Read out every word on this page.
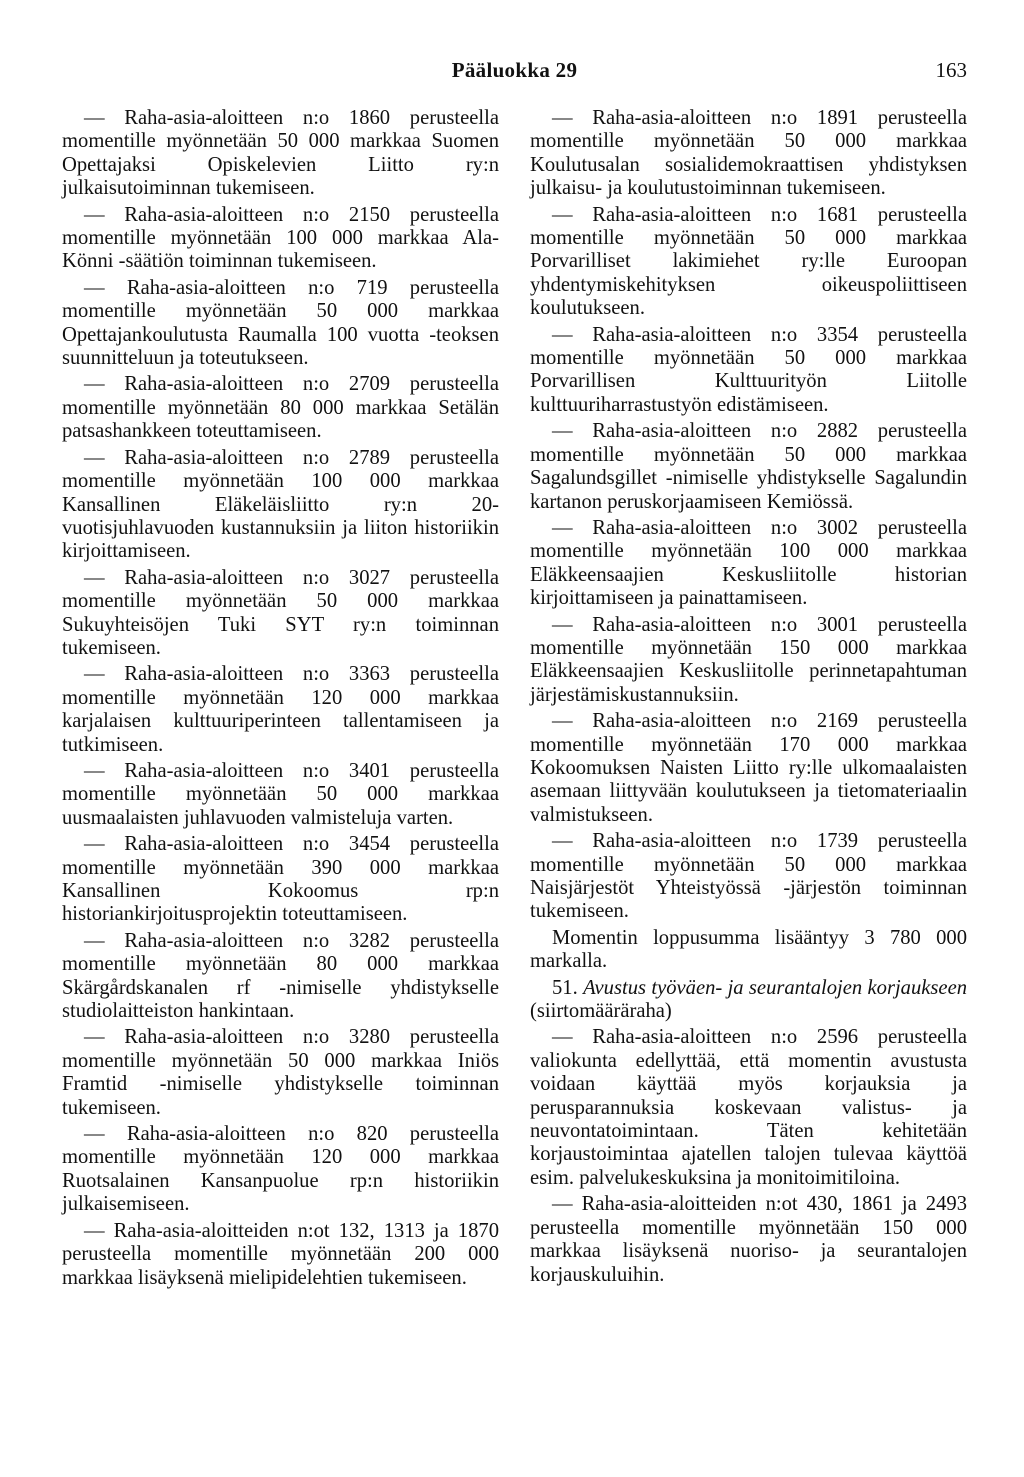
Pääluokka 29	163

— Raha-asia-aloitteen n:o 1860 perusteella momentille myönnetään 50 000 markkaa Suomen Opettajaksi Opiskelevien Liitto ry:n julkaisutoiminnan tukemiseen.

— Raha-asia-aloitteen n:o 2150 perusteella momentille myönnetään 100 000 markkaa Ala-Könni -säätiön toiminnan tukemiseen.

— Raha-asia-aloitteen n:o 719 perusteella momentille myönnetään 50 000 markkaa Opettajankoulutusta Raumalla 100 vuotta -teoksen suunnitteluun ja toteutukseen.

— Raha-asia-aloitteen n:o 2709 perusteella momentille myönnetään 80 000 markkaa Setälän patsashankkeen toteuttamiseen.

— Raha-asia-aloitteen n:o 2789 perusteella momentille myönnetään 100 000 markkaa Kansallinen Eläkeläisliitto ry:n 20-vuotisjuhlavuoden kustannuksiin ja liiton historiikin kirjoittamiseen.

— Raha-asia-aloitteen n:o 3027 perusteella momentille myönnetään 50 000 markkaa Sukuyhteisöjen Tuki SYT ry:n toiminnan tukemiseen.

— Raha-asia-aloitteen n:o 3363 perusteella momentille myönnetään 120 000 markkaa karjalaisen kulttuuriperinteen tallentamiseen ja tutkimiseen.

— Raha-asia-aloitteen n:o 3401 perusteella momentille myönnetään 50 000 markkaa uusmaalaisten juhlavuoden valmisteluja varten.

— Raha-asia-aloitteen n:o 3454 perusteella momentille myönnetään 390 000 markkaa Kansallinen Kokoomus rp:n historiankirjoitusprojektin toteuttamiseen.

— Raha-asia-aloitteen n:o 3282 perusteella momentille myönnetään 80 000 markkaa Skärgårdskanalen rf -nimiselle yhdistykselle studiolaitteiston hankintaan.

— Raha-asia-aloitteen n:o 3280 perusteella momentille myönnetään 50 000 markkaa Iniös Framtid -nimiselle yhdistykselle toiminnan tukemiseen.

— Raha-asia-aloitteen n:o 820 perusteella momentille myönnetään 120 000 markkaa Ruotsalainen Kansanpuolue rp:n historiikin julkaisemiseen.

— Raha-asia-aloitteiden n:ot 132, 1313 ja 1870 perusteella momentille myönnetään 200 000 markkaa lisäyksenä mielipidelehtien tukemiseen.

— Raha-asia-aloitteen n:o 1891 perusteella momentille myönnetään 50 000 markkaa Koulutusalan sosialidemokraattisen yhdistyksen julkaisu- ja koulutustoiminnan tukemiseen.

— Raha-asia-aloitteen n:o 1681 perusteella momentille myönnetään 50 000 markkaa Porvarilliset lakimiehet ry:lle Euroopan yhdentymiskehityksen oikeuspoliittiseen koulutukseen.

— Raha-asia-aloitteen n:o 3354 perusteella momentille myönnetään 50 000 markkaa Porvarillisen Kulttuurityön Liitolle kulttuuriharrastustyön edistämiseen.

— Raha-asia-aloitteen n:o 2882 perusteella momentille myönnetään 50 000 markkaa Sagalundsgillet -nimiselle yhdistykselle Sagalundin kartanon peruskorjaamiseen Kemiössä.

— Raha-asia-aloitteen n:o 3002 perusteella momentille myönnetään 100 000 markkaa Eläkkeensaajien Keskusliitolle historian kirjoittamiseen ja painattamiseen.

— Raha-asia-aloitteen n:o 3001 perusteella momentille myönnetään 150 000 markkaa Eläkkeensaajien Keskusliitolle perinnetapahtuman järjestämiskustannuksiin.

— Raha-asia-aloitteen n:o 2169 perusteella momentille myönnetään 170 000 markkaa Kokoomuksen Naisten Liitto ry:lle ulkomaalaisten asemaan liittyvään koulutukseen ja tietomateriaalin valmistukseen.

— Raha-asia-aloitteen n:o 1739 perusteella momentille myönnetään 50 000 markkaa Naisjärjestöt Yhteistyössä -järjestön toiminnan tukemiseen.

Momentin loppusumma lisääntyy 3 780 000 markalla.

51. Avustus työväen- ja seurantalojen korjaukseen (siirtomääräraha)

— Raha-asia-aloitteen n:o 2596 perusteella valiokunta edellyttää, että momentin avustusta voidaan käyttää myös korjauksia ja perusparannuksia koskevaan valistus- ja neuvontatoimintaan. Täten kehitetään korjaustoimintaa ajatellen talojen tulevaa käyttöä esim. palvelukeskuksina ja monitoimitiloina.

— Raha-asia-aloitteiden n:ot 430, 1861 ja 2493 perusteella momentille myönnetään 150 000 markkaa lisäyksenä nuoriso- ja seurantalojen korjauskuluihin.
